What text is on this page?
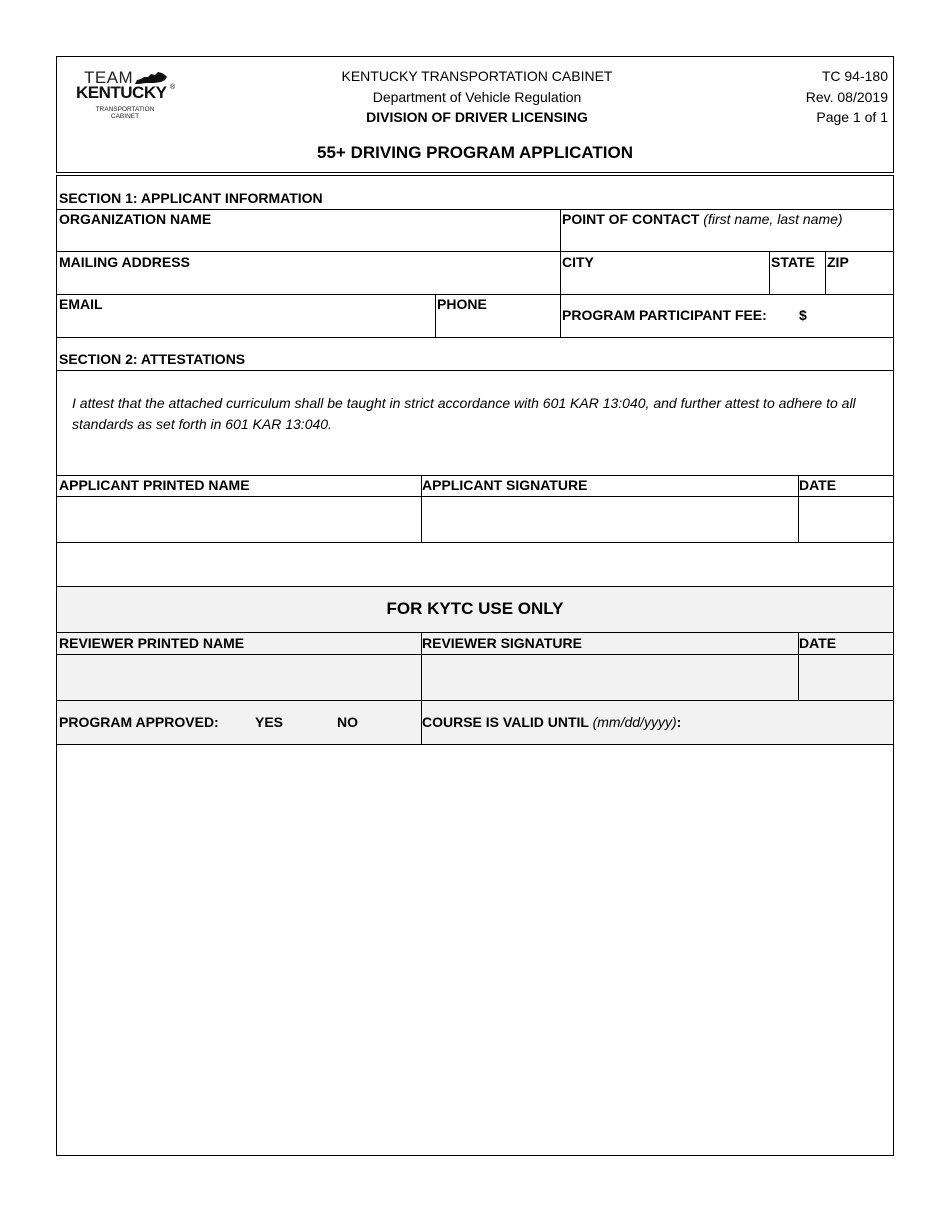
TEAM
KENTUCKY ®
TRANSPORTATION
CABINET
KENTUCKY TRANSPORTATION CABINET
Department of Vehicle Regulation
DIVISION OF DRIVER LICENSING
TC 94-180
Rev. 08/2019
Page 1 of 1
55+ DRIVING PROGRAM APPLICATION
SECTION 1: APPLICANT INFORMATION
ORGANIZATION NAME	POINT OF CONTACT (first name, last name)
MAILING ADDRESS	CITY	STATE ZIP
EMAIL	PHONE
PROGRAM PARTICIPANT FEE: $
SECTION 2: ATTESTATIONS
I attest that the attached curriculum shall be taught in strict accordance with 601 KAR 13:040, and further attest to adhere to all standards as set forth in 601 KAR 13:040.
APPLICANT PRINTED NAME	APPLICANT SIGNATURE	DATE
FOR KYTC USE ONLY
REVIEWER PRINTED NAME	REVIEWER SIGNATURE	DATE
PROGRAM APPROVED:	YES	NO	COURSE IS VALID UNTIL (mm/dd/yyyy):
